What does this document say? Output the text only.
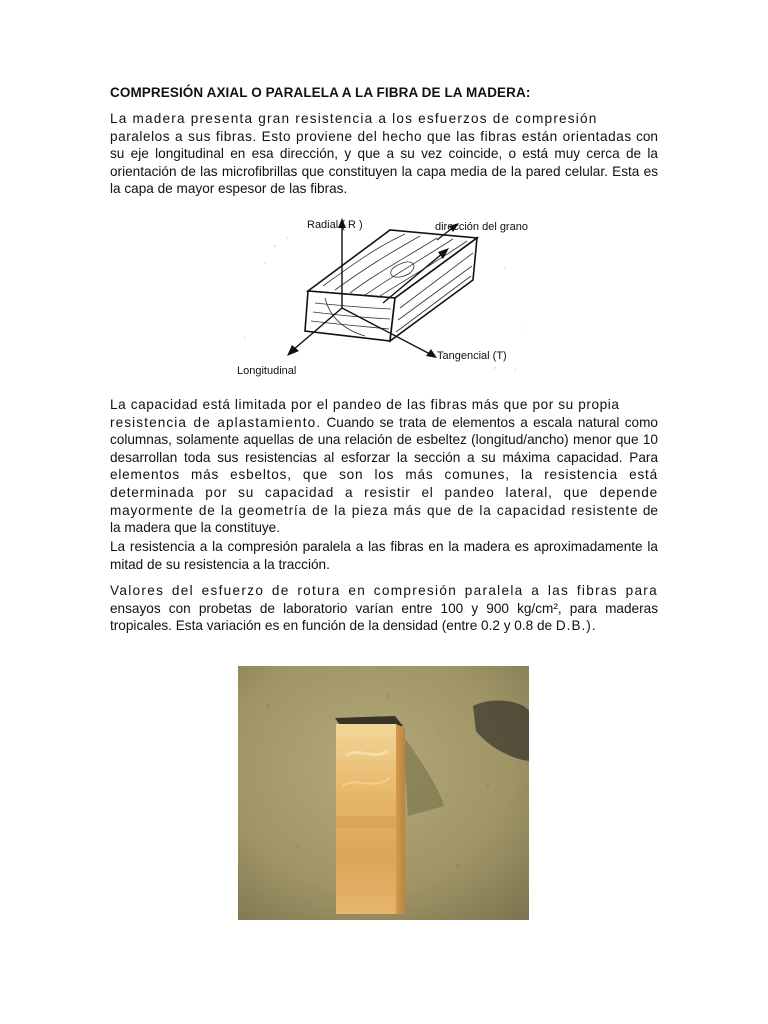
COMPRESIÓN AXIAL O PARALELA A LA FIBRA DE LA MADERA:

La madera presenta gran resistencia a los esfuerzos de compresión
paralelos a sus fibras. Esto proviene del hecho que las fibras están orientadas con su eje longitudinal en esa dirección, y que a su vez coincide, o está muy cerca de la orientación de las microfibrillas que constituyen la capa media de la pared celular. Esta es la capa de mayor espesor de las fibras.

Radial ( R )	dirección del grano
Tangencial (T)
Longitudinal

La capacidad está limitada por el pandeo de las fibras más que por su propia
resistencia de aplastamiento. Cuando se trata de elementos a escala natural como columnas, solamente aquellas de una relación de esbeltez (longitud/ancho) menor que 10 desarrollan toda sus resistencias al esforzar la sección a su máxima capacidad. Para elementos más esbeltos, que son los más comunes, la resistencia está determinada por su capacidad a resistir el pandeo lateral, que depende mayormente de la geometría de la pieza más que de la capacidad resistente de la madera que la constituye.

La resistencia a la compresión paralela a las fibras en la madera es aproximadamente la mitad de su resistencia a la tracción.

Valores del esfuerzo de rotura en compresión paralela a las fibras para ensayos con probetas de laboratorio varían entre 100 y 900 kg/cm², para maderas tropicales. Esta variación es en función de la densidad (entre 0.2 y 0.8 de D.B.).
